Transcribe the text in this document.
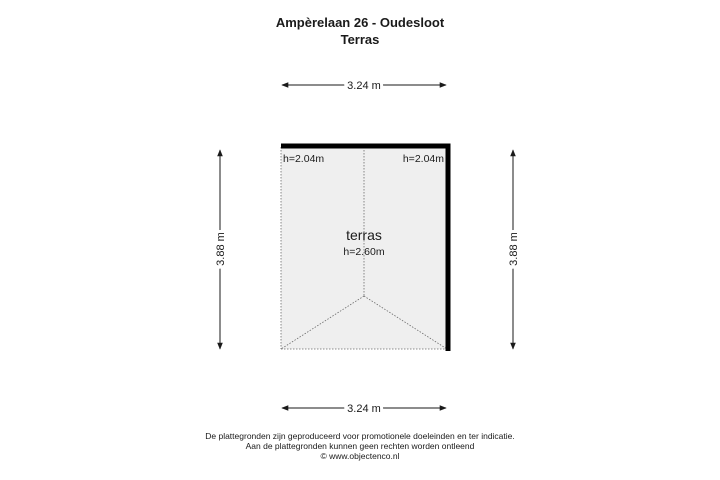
Ampèrelaan 26 - Oudesloot
Terras
3.24 m
3.24 m
3.88 m	3.88 m
terras
h=2.60m
h=2.04m	h=2.04m
De plattegronden zijn geproduceerd voor promotionele doeleinden en ter indicatie.
Aan de plattegronden kunnen geen rechten worden ontleend
© www.objectenco.nl
